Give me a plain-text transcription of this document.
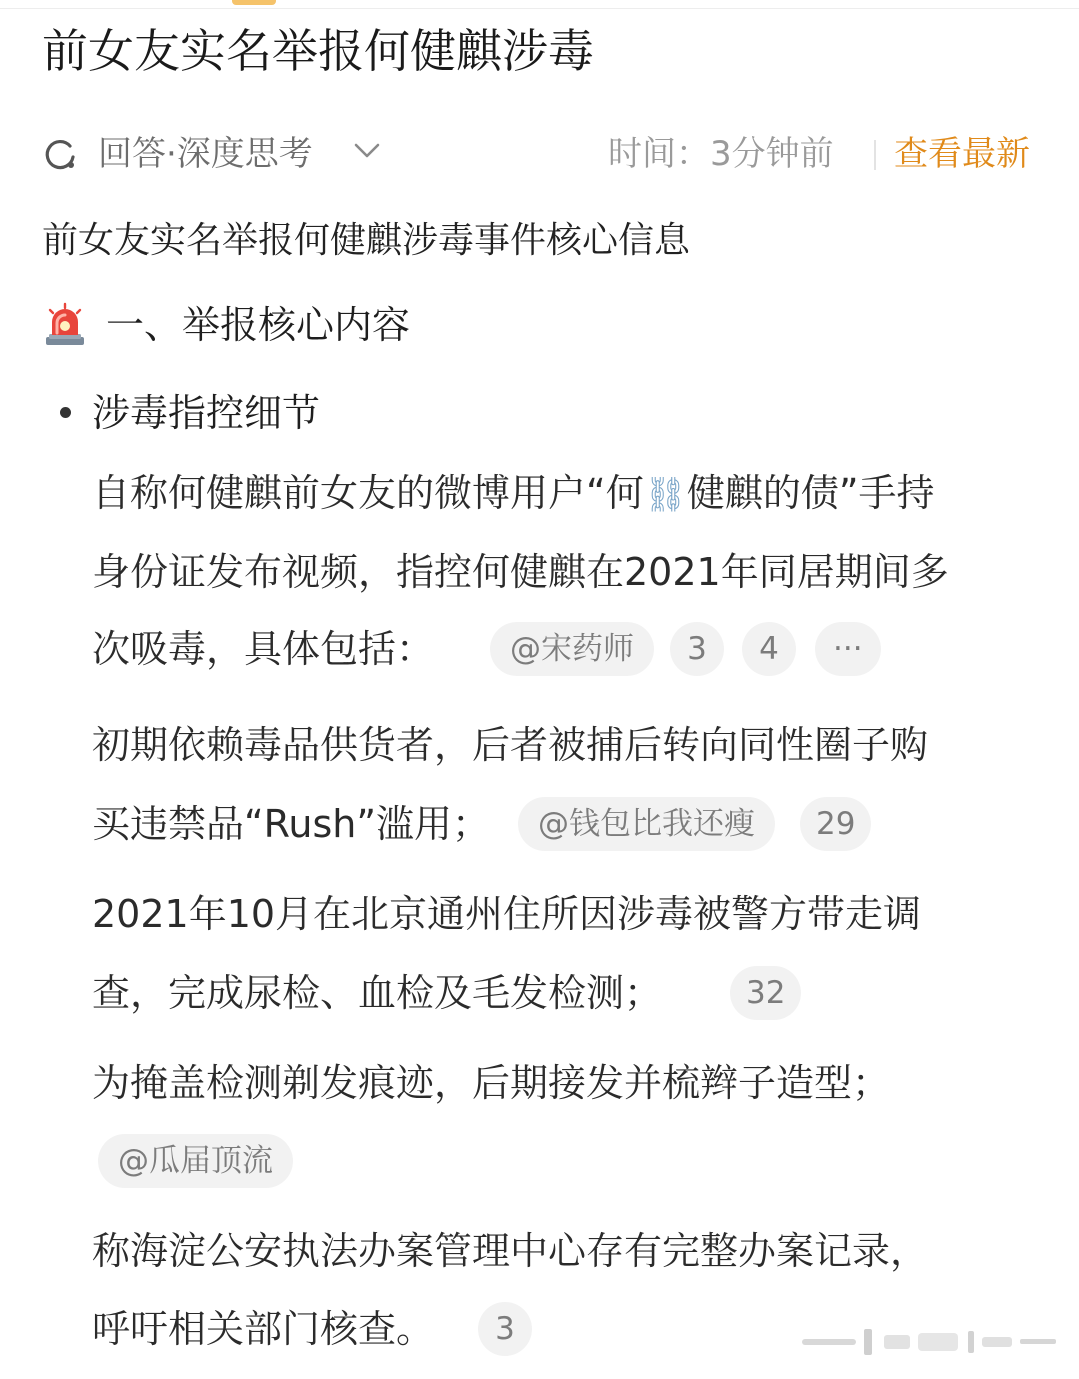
前女友实名举报何健麒涉毒
回答·深度思考	时间：3分钟前 查看最新
前女友实名举报何健麒涉毒事件核心信息
一、举报核心内容
涉毒指控细节
自称何健麒前女友的微博用户“何⛓健麒的债”手持
身份证发布视频，指控何健麒在2021年同居期间多
次吸毒，具体包括：	@宋药师	3	4	···
初期依赖毒品供货者，后者被捕后转向同性圈子购
买违禁品“Rush”滥用；	@钱包比我还瘦	29
2021年10月在北京通州住所因涉毒被警方带走调
查，完成尿检、血检及毛发检测；	32
为掩盖检测剃发痕迹，后期接发并梳辫子造型；
@瓜届顶流
称海淀公安执法办案管理中心存有完整办案记录，
呼吁相关部门核查。	3
